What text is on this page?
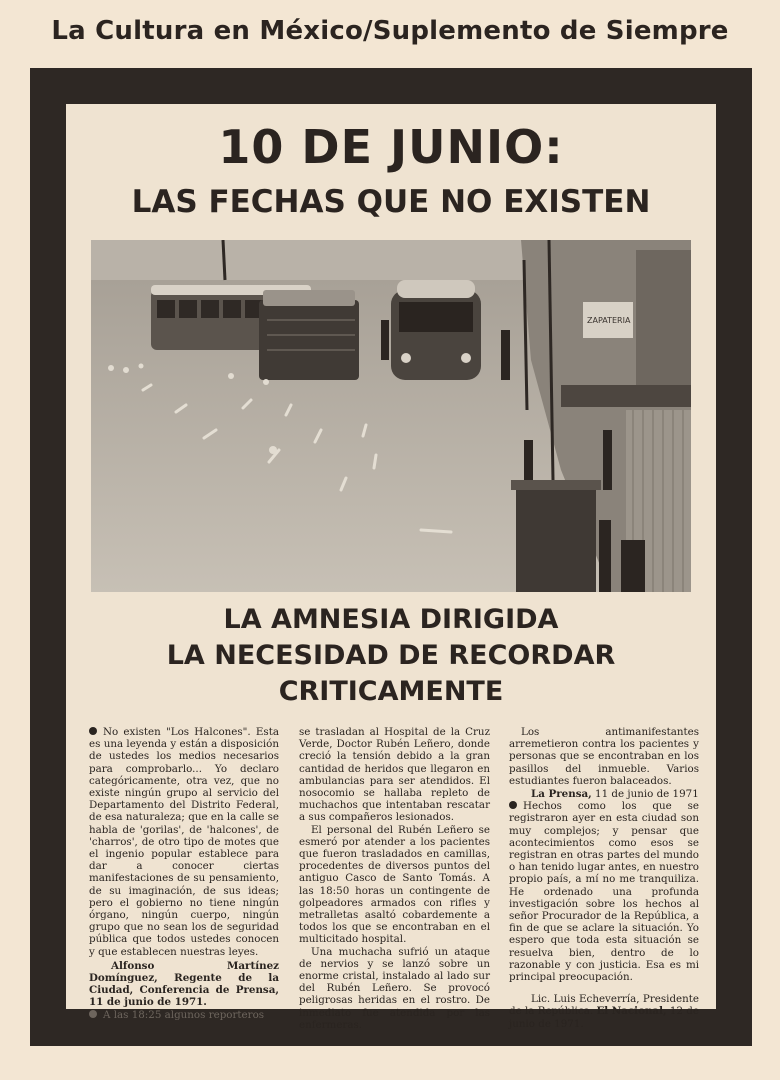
La Cultura en México/Suplemento de Siempre
10 DE JUNIO:
LAS FECHAS QUE NO EXISTEN
ZAPATERIA
LA AMNESIA DIRIGIDA
LA NECESIDAD DE RECORDAR
CRITICAMENTE

No existen "Los Halcones". Esta es una leyenda y están a disposición de ustedes los medios necesarios para comprobarlo... Yo declaro categóricamente, otra vez, que no existe ningún grupo al servicio del Departamento del Distrito Federal, de esa naturaleza; que en la calle se habla de 'gorilas', de 'halcones', de 'charros', de otro tipo de motes que el ingenio popular establece para dar a conocer ciertas manifestaciones de su pensamiento, de su imaginación, de sus ideas; pero el gobierno no tiene ningún órgano, ningún cuerpo, ningún grupo que no sean los de seguridad pública que todos ustedes conocen y que establecen nuestras leyes.

Alfonso Martínez Domínguez, Regente de la Ciudad, Conferencia de Prensa, 11 de junio de 1971.

A las 18:25 algunos reporteros

se trasladan al Hospital de la Cruz Verde, Doctor Rubén Leñero, donde creció la tensión debido a la gran cantidad de heridos que llegaron en ambulancias para ser atendidos. El nosocomio se hallaba repleto de muchachos que intentaban rescatar a sus compañeros lesionados.

El personal del Rubén Leñero se esmeró por atender a los pacientes que fueron trasladados en camillas, procedentes de diversos puntos del antiguo Casco de Santo Tomás. A las 18:50 horas un contingente de golpeadores armados con rifles y metralletas asaltó cobardemente a todos los que se encontraban en el multicitado hospital.

Una muchacha sufrió un ataque de nervios y se lanzó sobre un enorme cristal, instalado al lado sur del Rubén Leñero. Se provocó peligrosas heridas en el rostro. De inmediato fue atendida por las enfermeras.

Los antimanifestantes arremetieron contra los pacientes y personas que se encontraban en los pasillos del inmueble. Varios estudiantes fueron balaceados.

La Prensa, 11 de junio de 1971

Hechos como los que se registraron ayer en esta ciudad son muy complejos; y pensar que acontecimientos como esos se registran en otras partes del mundo o han tenido lugar antes, en nuestro propio país, a mí no me tranquiliza. He ordenado una profunda investigación sobre los hechos al señor Procurador de la República, a fin de que se aclare la situación. Yo espero que toda esta situación se resuelva bien, dentro de lo razonable y con justicia. Esa es mi principal preocupación.

Lic. Luis Echeverría, Presidente de la República. El Nacional, 12 de junio de 1971.
